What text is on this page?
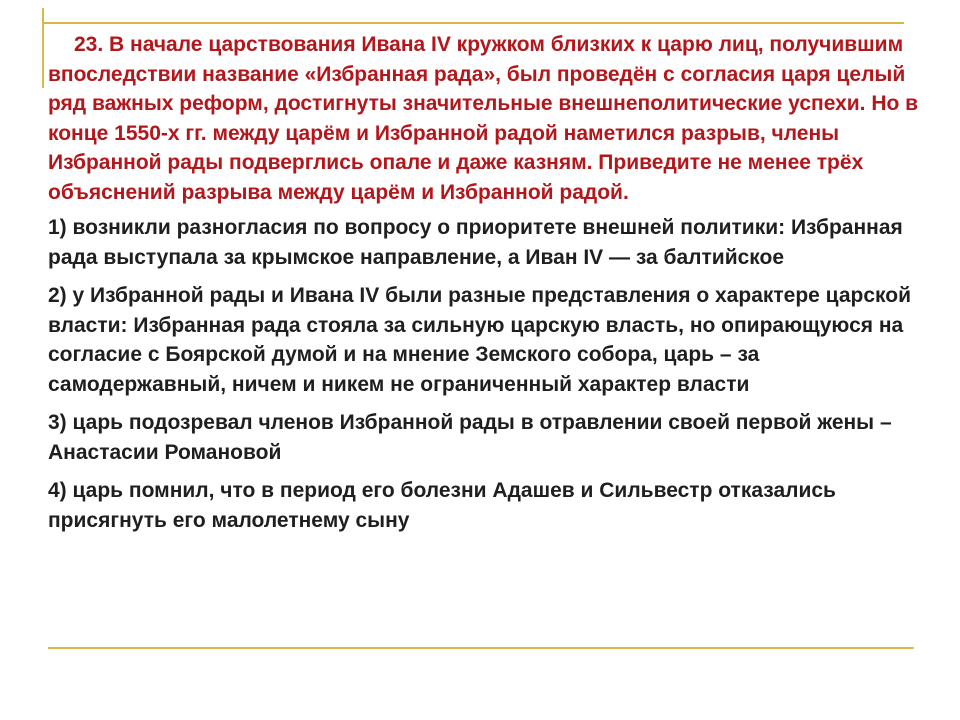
23. В начале царствования Ивана IV кружком близких к царю лиц, получившим впоследствии название «Избранная рада», был проведён с согласия царя целый ряд важных реформ, достигнуты значительные внешнеполитические успехи. Но в конце 1550-х гг. между царём и Избранной радой наметился разрыв, члены Избранной рады подверглись опале и даже казням. Приведите не менее трёх объяснений разрыва между царём и Избранной радой.

1) возникли разногласия по вопросу о приоритете внешней политики: Избранная рада выступала за крымское направление, а Иван IV — за балтийское

2) у Избранной рады и Ивана IV были разные представления о характере царской власти: Избранная рада стояла за сильную царскую власть, но опирающуюся на согласие с Боярской думой и на мнение Земского собора, царь – за самодержавный, ничем и никем не ограниченный характер власти

3) царь подозревал членов Избранной рады в отравлении своей первой жены – Анастасии Романовой

4) царь помнил, что в период его болезни Адашев и Сильвестр отказались присягнуть его малолетнему сыну
